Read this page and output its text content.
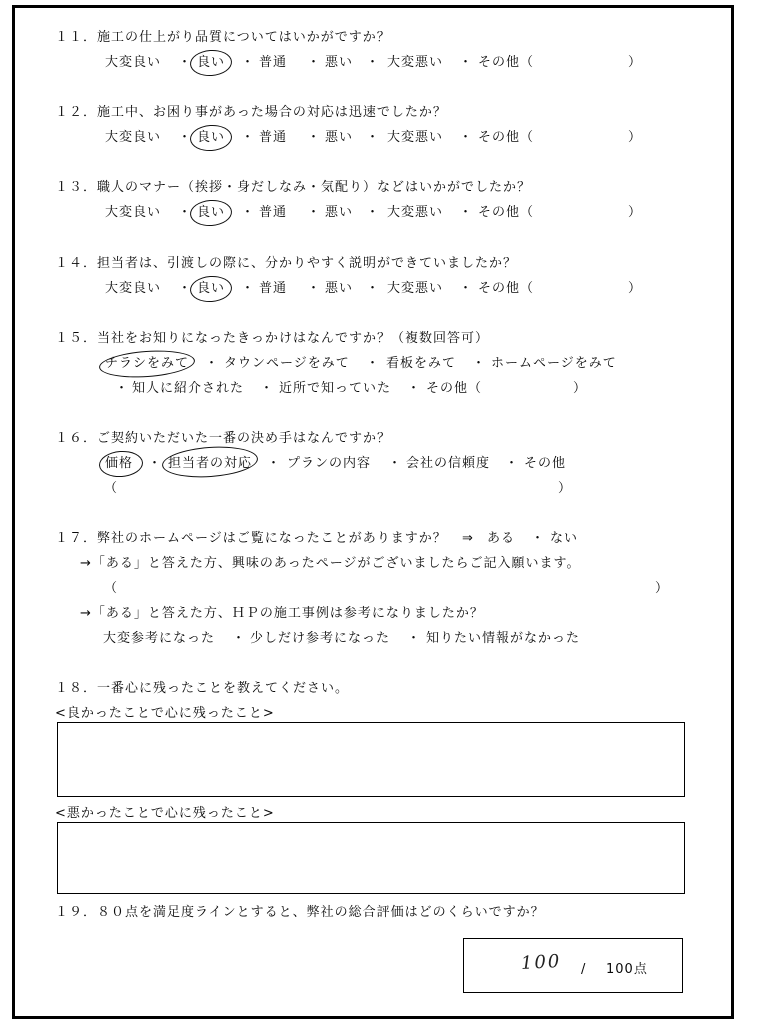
１１．施工の仕上がり品質についてはいかがですか？
大変良い	良い	普通	悪い	大変悪い	その他（
・	・	・	・	・	）
１２．施工中、お困り事があった場合の対応は迅速でしたか？
大変良い	良い	普通	悪い	大変悪い	その他（
・	・	・	・	・	）
１３．職人のマナー（挨拶・身だしなみ・気配り）などはいかがでしたか？
大変良い	良い	普通	悪い	大変悪い	その他（
・	・	・	・	・	）
１４．担当者は、引渡しの際に、分かりやすく説明ができていましたか？
大変良い	良い	普通	悪い	大変悪い	その他（
・	・	・	・	・	）
１５．当社をお知りになったきっかけはなんですか？（複数回答可）
チラシをみて ・ タウンページをみて ・ 看板をみて ・ ホームページをみて
・ 知人に紹介された ・ 近所で知っていた ・ その他（	）
１６．ご契約いただいた一番の決め手はなんですか？
価格 ・ 担当者の対応 ・ プランの内容 ・ 会社の信頼度 ・ その他
（	）
１７．弊社のホームページはご覧になったことがありますか？ ⇒ ある ・ ない
→「ある」と答えた方、興味のあったページがございましたらご記入願います。
（	）
→「ある」と答えた方、ＨＰの施工事例は参考になりましたか？
大変参考になった ・ 少しだけ参考になった ・ 知りたい情報がなかった
１８．一番心に残ったことを教えてください。
<良かったことで心に残ったこと>
<悪かったことで心に残ったこと>
１９．８０点を満足度ラインとすると、弊社の総合評価はどのくらいですか？
100 / 100点
